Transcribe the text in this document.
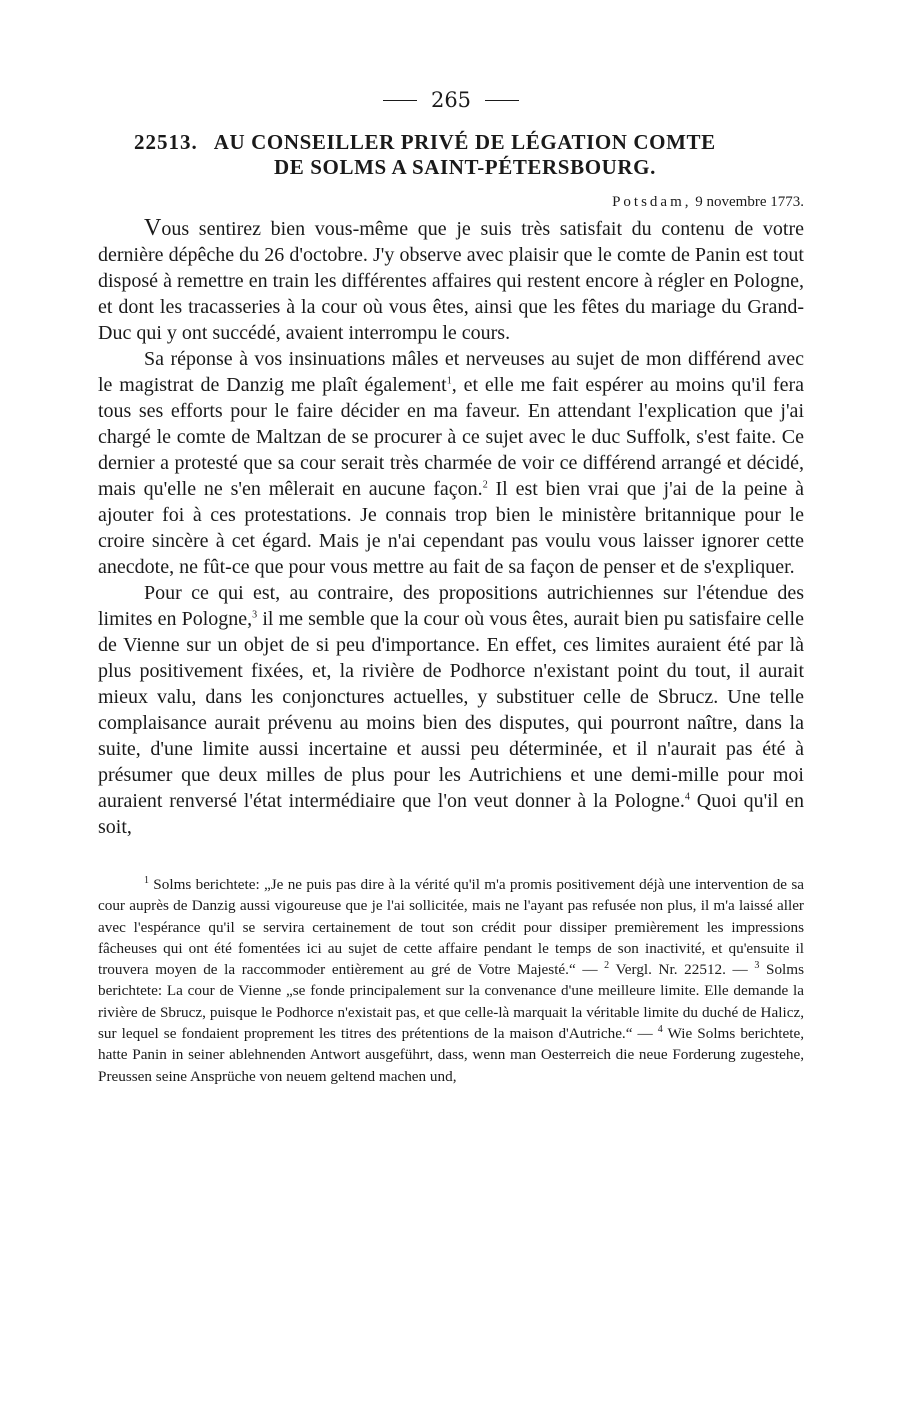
265
22513. AU CONSEILLER PRIVÉ DE LÉGATION COMTE
DE SOLMS A SAINT-PÉTERSBOURG.
Potsdam, 9 novembre 1773.

Vous sentirez bien vous-même que je suis très satisfait du contenu de votre dernière dépêche du 26 d'octobre. J'y observe avec plaisir que le comte de Panin est tout disposé à remettre en train les différentes affaires qui restent encore à régler en Pologne, et dont les tracasseries à la cour où vous êtes, ainsi que les fêtes du mariage du Grand-Duc qui y ont succédé, avaient interrompu le cours.

Sa réponse à vos insinuations mâles et nerveuses au sujet de mon différend avec le magistrat de Danzig me plaît également$^1$, et elle me fait espérer au moins qu'il fera tous ses efforts pour le faire décider en ma faveur. En attendant l'explication que j'ai chargé le comte de Maltzan de se procurer à ce sujet avec le duc Suffolk, s'est faite. Ce dernier a protesté que sa cour serait très charmée de voir ce différend arrangé et décidé, mais qu'elle ne s'en mêlerait en aucune façon.$^2$ Il est bien vrai que j'ai de la peine à ajouter foi à ces protestations. Je connais trop bien le ministère britannique pour le croire sincère à cet égard. Mais je n'ai cependant pas voulu vous laisser ignorer cette anecdote, ne fût-ce que pour vous mettre au fait de sa façon de penser et de s'expliquer.

Pour ce qui est, au contraire, des propositions autrichiennes sur l'étendue des limites en Pologne,$^3$ il me semble que la cour où vous êtes, aurait bien pu satisfaire celle de Vienne sur un objet de si peu d'importance. En effet, ces limites auraient été par là plus positivement fixées, et, la rivière de Podhorce n'existant point du tout, il aurait mieux valu, dans les conjonctures actuelles, y substituer celle de Sbrucz. Une telle complaisance aurait prévenu au moins bien des disputes, qui pourront naître, dans la suite, d'une limite aussi incertaine et aussi peu déterminée, et il n'aurait pas été à présumer que deux milles de plus pour les Autrichiens et une demi-mille pour moi auraient renversé l'état intermédiaire que l'on veut donner à la Pologne.$^4$ Quoi qu'il en soit,

$^1$ Solms berichtete: „Je ne puis pas dire à la vérité qu'il m'a promis positivement déjà une intervention de sa cour auprès de Danzig aussi vigoureuse que je l'ai sollicitée, mais ne l'ayant pas refusée non plus, il m'a laissé aller avec l'espérance qu'il se servira certainement de tout son crédit pour dissiper premièrement les impressions fâcheuses qui ont été fomentées ici au sujet de cette affaire pendant le temps de son inactivité, et qu'ensuite il trouvera moyen de la raccommoder entièrement au gré de Votre Majesté.“ — $^2$ Vergl. Nr. 22512. — $^3$ Solms berichtete: La cour de Vienne „se fonde principalement sur la convenance d'une meilleure limite. Elle demande la rivière de Sbrucz, puisque le Podhorce n'existait pas, et que celle-là marquait la véritable limite du duché de Halicz, sur lequel se fondaient proprement les titres des prétentions de la maison d'Autriche.“ — $^4$ Wie Solms berichtete, hatte Panin in seiner ablehnenden Antwort ausgeführt, dass, wenn man Oesterreich die neue Forderung zugestehe, Preussen seine Ansprüche von neuem geltend machen und,
